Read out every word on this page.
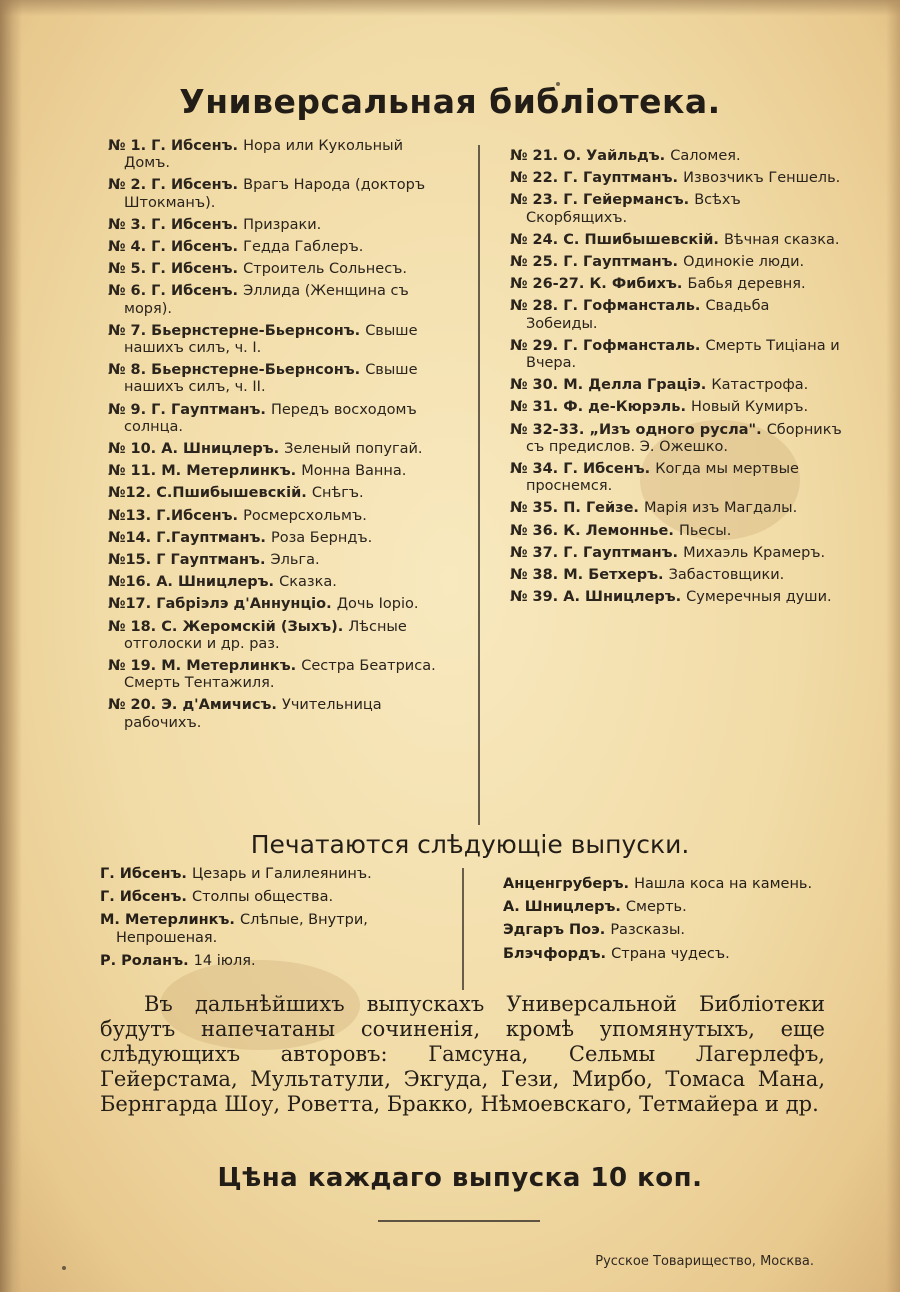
Универсальная библіотека.
№ 1. Г. Ибсенъ. Нора или Кукольный Домъ.
№ 2. Г. Ибсенъ. Врагъ Народа (докторъ Штокманъ).
№ 3. Г. Ибсенъ. Призраки.
№ 4. Г. Ибсенъ. Гедда Габлеръ.
№ 5. Г. Ибсенъ. Строитель Сольнесъ.
№ 6. Г. Ибсенъ. Эллида (Женщина съ моря).
№ 7. Бьернстерне-Бьернсонъ. Свыше нашихъ силъ, ч. I.
№ 8. Бьернстерне-Бьернсонъ. Свыше нашихъ силъ, ч. II.
№ 9. Г. Гауптманъ. Передъ восходомъ солнца.
№ 10. А. Шницлеръ. Зеленый попугай.
№ 11. М. Метерлинкъ. Монна Ванна.
№12. С.Пшибышевскій. Снѣгъ.
№13. Г.Ибсенъ. Росмерсхольмъ.
№14. Г.Гауптманъ. Роза Берндъ.
№15. Г Гауптманъ. Эльга.
№16. А. Шницлеръ. Сказка.
№17. Габріэлэ д'Аннунціо. Дочь Іоріо.
№ 18. С. Жеромскій (Зыхъ). Лѣсные отголоски и др. раз.
№ 19. М. Метерлинкъ. Сестра Беатриса. Смерть Тентажиля.
№ 20. Э. д'Амичисъ. Учительница рабочихъ.
№ 21. О. Уайльдъ. Саломея.
№ 22. Г. Гауптманъ. Извозчикъ Геншель.
№ 23. Г. Гейермансъ. Всѣхъ Скорбящихъ.
№ 24. С. Пшибышевскій. Вѣчная сказка.
№ 25. Г. Гауптманъ. Одинокіе люди.
№ 26-27. К. Фибихъ. Бабья деревня.
№ 28. Г. Гофмансталь. Свадьба Зобеиды.
№ 29. Г. Гофмансталь. Смерть Тиціана и Вчера.
№ 30. М. Делла Граціэ. Катастрофа.
№ 31. Ф. де-Кюрэль. Новый Кумиръ.
№ 32-33. „Изъ одного русла". Сборникъ съ предислов. Э. Ожешко.
№ 34. Г. Ибсенъ. Когда мы мертвые проснемся.
№ 35. П. Гейзе. Марія изъ Магдалы.
№ 36. К. Лемонньe. Пьесы.
№ 37. Г. Гауптманъ. Михаэль Крамеръ.
№ 38. М. Бетхеръ. Забастовщики.
№ 39. А. Шницлеръ. Сумеречныя души.
Печатаются слѣдующіе выпуски.
Г. Ибсенъ. Цезарь и Галилеянинъ.
Г. Ибсенъ. Столпы общества.
М. Метерлинкъ. Слѣпые, Внутри, Непрошеная.
Р. Роланъ. 14 іюля.
Анценгруберъ. Нашла коса на камень.
А. Шницлеръ. Смерть.
Эдгаръ Поэ. Разсказы.
Блэчфордъ. Страна чудесъ.
Въ дальнѣйшихъ выпускахъ Универсальной Библіотеки будутъ напечатаны сочиненія, кромѣ упомянутыхъ, еще слѣдующихъ авторовъ: Гамсуна, Сельмы Лагерлефъ, Гейерстама, Мультатули, Экгуда, Гези, Мирбо, Томаса Мана, Бернгарда Шоу, Роветта, Бракко, Нѣмоевскаго, Тетмайера и др.
Цѣна каждаго выпуска 10 коп.
Русское Товарищество, Москва.
